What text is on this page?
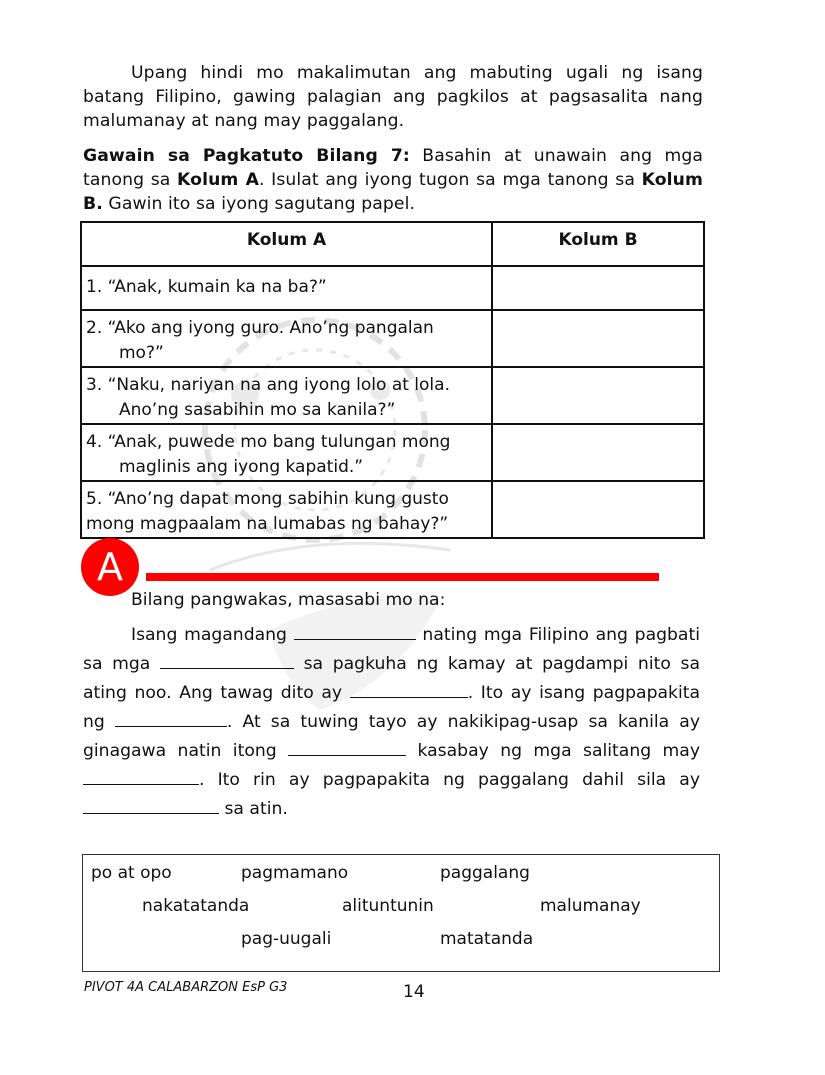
Upang hindi mo makalimutan ang mabuting ugali ng isang batang Filipino, gawing palagian ang pagkilos at pagsasalita nang malumanay at nang may paggalang.

Gawain sa Pagkatuto Bilang 7: Basahin at unawain ang mga tanong sa Kolum A. Isulat ang iyong tugon sa mga tanong sa Kolum B. Gawin ito sa iyong sagutang papel.

Kolum A	Kolum B
1. “Anak, kumain ka na ba?”	
2. “Ako ang iyong guro. Ano’ng pangalan
mo?”	

3. “Naku, nariyan na ang iyong lolo at lola.
Ano’ng sasabihin mo sa kanila?”	

4. “Anak, puwede mo bang tulungan mong
maglinis ang iyong kapatid.”	

5. “Ano’ng dapat mong sabihin kung gusto
mong magpaalam na lumabas ng bahay?”	

A
Bilang pangwakas, masasabi mo na:

Isang magandang	nating mga Filipino ang pagbati sa mga	sa pagkuha ng kamay at pagdampi nito sa ating noo. Ang tawag dito ay	. Ito ay isang pagpapakita ng	. At sa tuwing tayo ay nakikipag-usap sa kanila ay ginagawa natin itong	kasabay ng mga salitang may . Ito rin ay pagpapakita ng paggalang dahil sila ay  sa atin.

po at opo	pagmamano	paggalang
nakatatanda	alituntunin	malumanay
pag-uugali	matatanda
PIVOT 4A CALABARZON EsP G3	14
